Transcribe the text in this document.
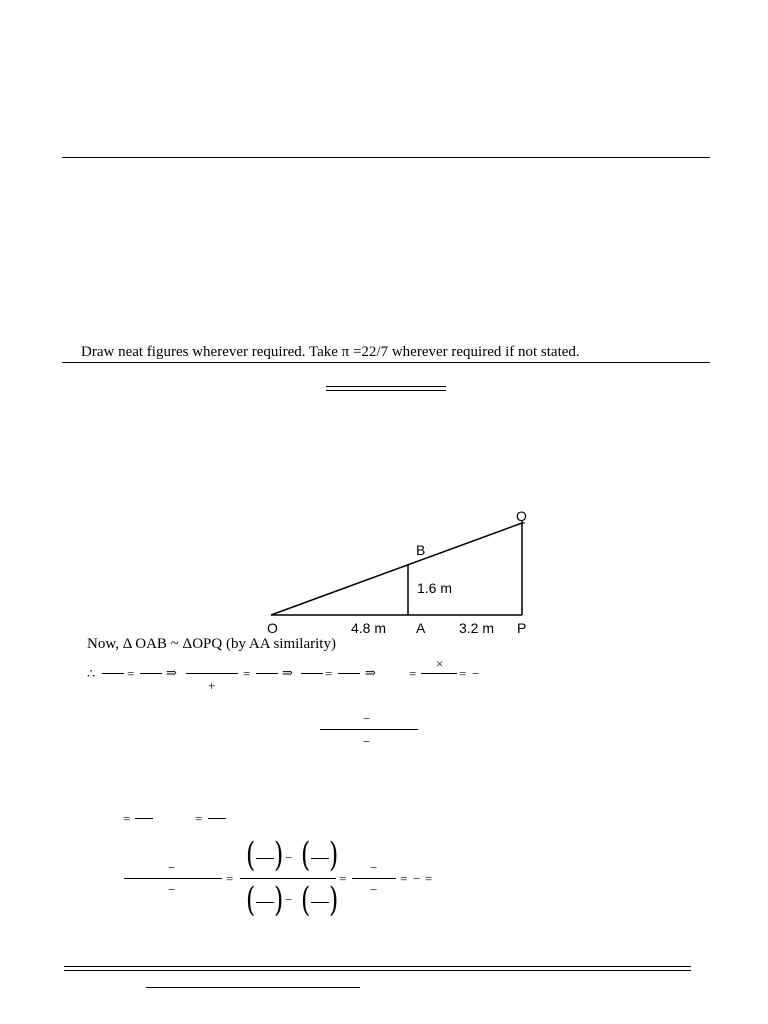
Draw neat figures wherever required. Take π =22/7 wherever required if not stated.
O	A	P
B
Q
4.8 m	3.2 m
1.6 m
Now, Δ OAB ~ ΔOPQ (by AA similarity)
∴ = ⇒
+
= ⇒ =	⇒	=
×
= −
−
−
=	=
−
−
=
( ) − ( )
( ) − ( )
=
−
−
= − =
